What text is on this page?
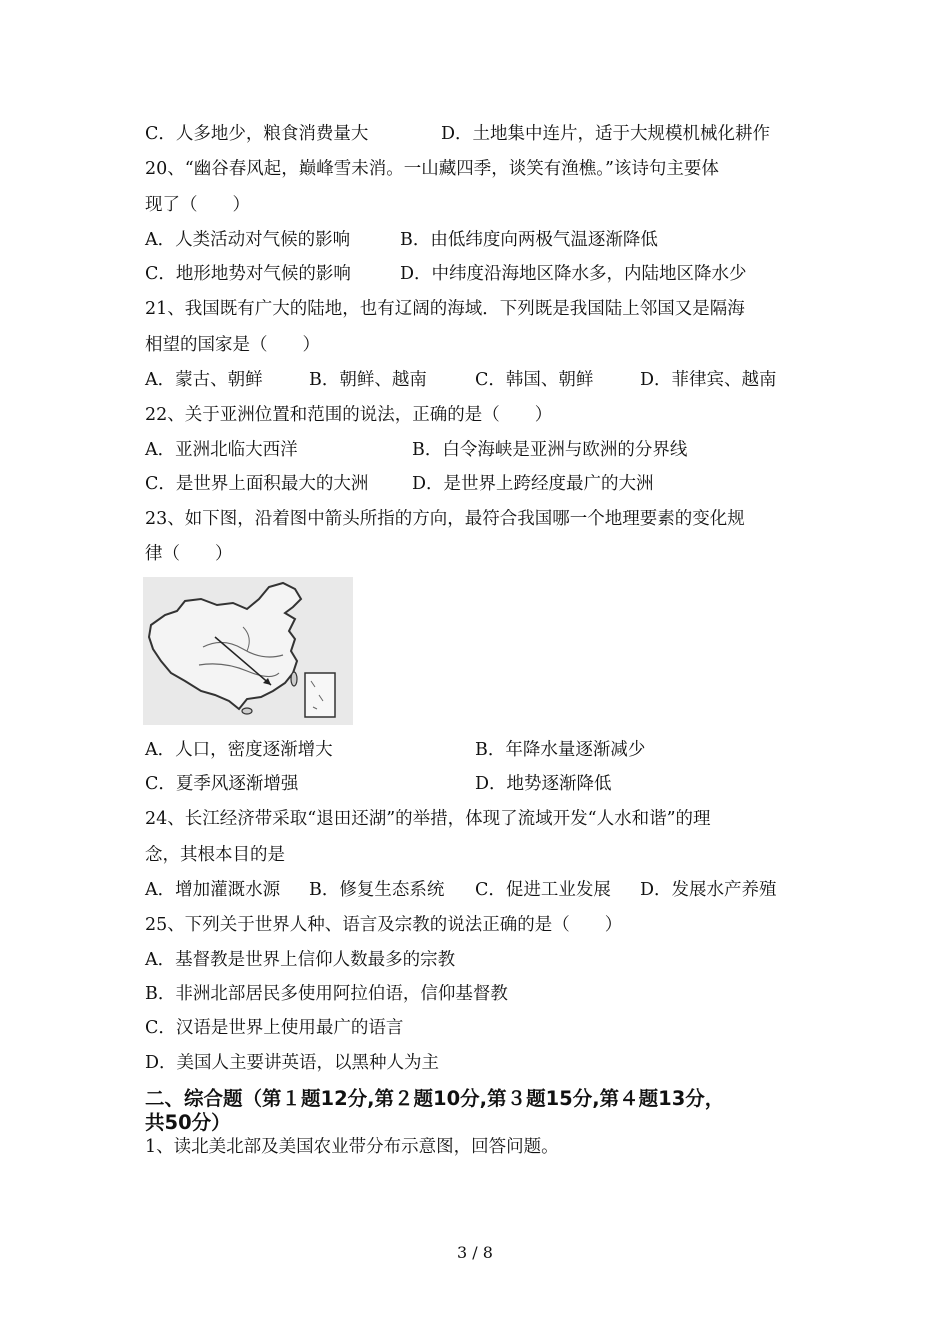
C．人多地少，粮食消费量大	D．土地集中连片，适于大规模机械化耕作
20、“幽谷春风起，巅峰雪未消。一山藏四季，谈笑有渔樵。”该诗句主要体
现了（　　）
A．人类活动对气候的影响	B．由低纬度向两极气温逐渐降低
C．地形地势对气候的影响	D．中纬度沿海地区降水多，内陆地区降水少
21、我国既有广大的陆地，也有辽阔的海域．下列既是我国陆上邻国又是隔海
相望的国家是（　　）
A．蒙古、朝鲜	B．朝鲜、越南	C．韩国、朝鲜	D．菲律宾、越南
22、关于亚洲位置和范围的说法，正确的是（　　）
A．亚洲北临大西洋	B．白令海峡是亚洲与欧洲的分界线
C．是世界上面积最大的大洲 D．是世界上跨经度最广的大洲
23、如下图，沿着图中箭头所指的方向，最符合我国哪一个地理要素的变化规
律（　　）
A．人口，密度逐渐增大	B．年降水量逐渐减少
C．夏季风逐渐增强	D．地势逐渐降低
24、长江经济带采取“退田还湖”的举措，体现了流域开发“人水和谐”的理
念，其根本目的是
A．增加灌溉水源 B．修复生态系统 C．促进工业发展 D．发展水产养殖
25、下列关于世界人种、语言及宗教的说法正确的是（　　）
A．基督教是世界上信仰人数最多的宗教
B．非洲北部居民多使用阿拉伯语，信仰基督教
C．汉语是世界上使用最广的语言
D．美国人主要讲英语，以黑种人为主
二、综合题（第１题12分,第２题10分,第３题15分,第４题13分，
共50分）
1、读北美北部及美国农业带分布示意图，回答问题。
3 / 8
